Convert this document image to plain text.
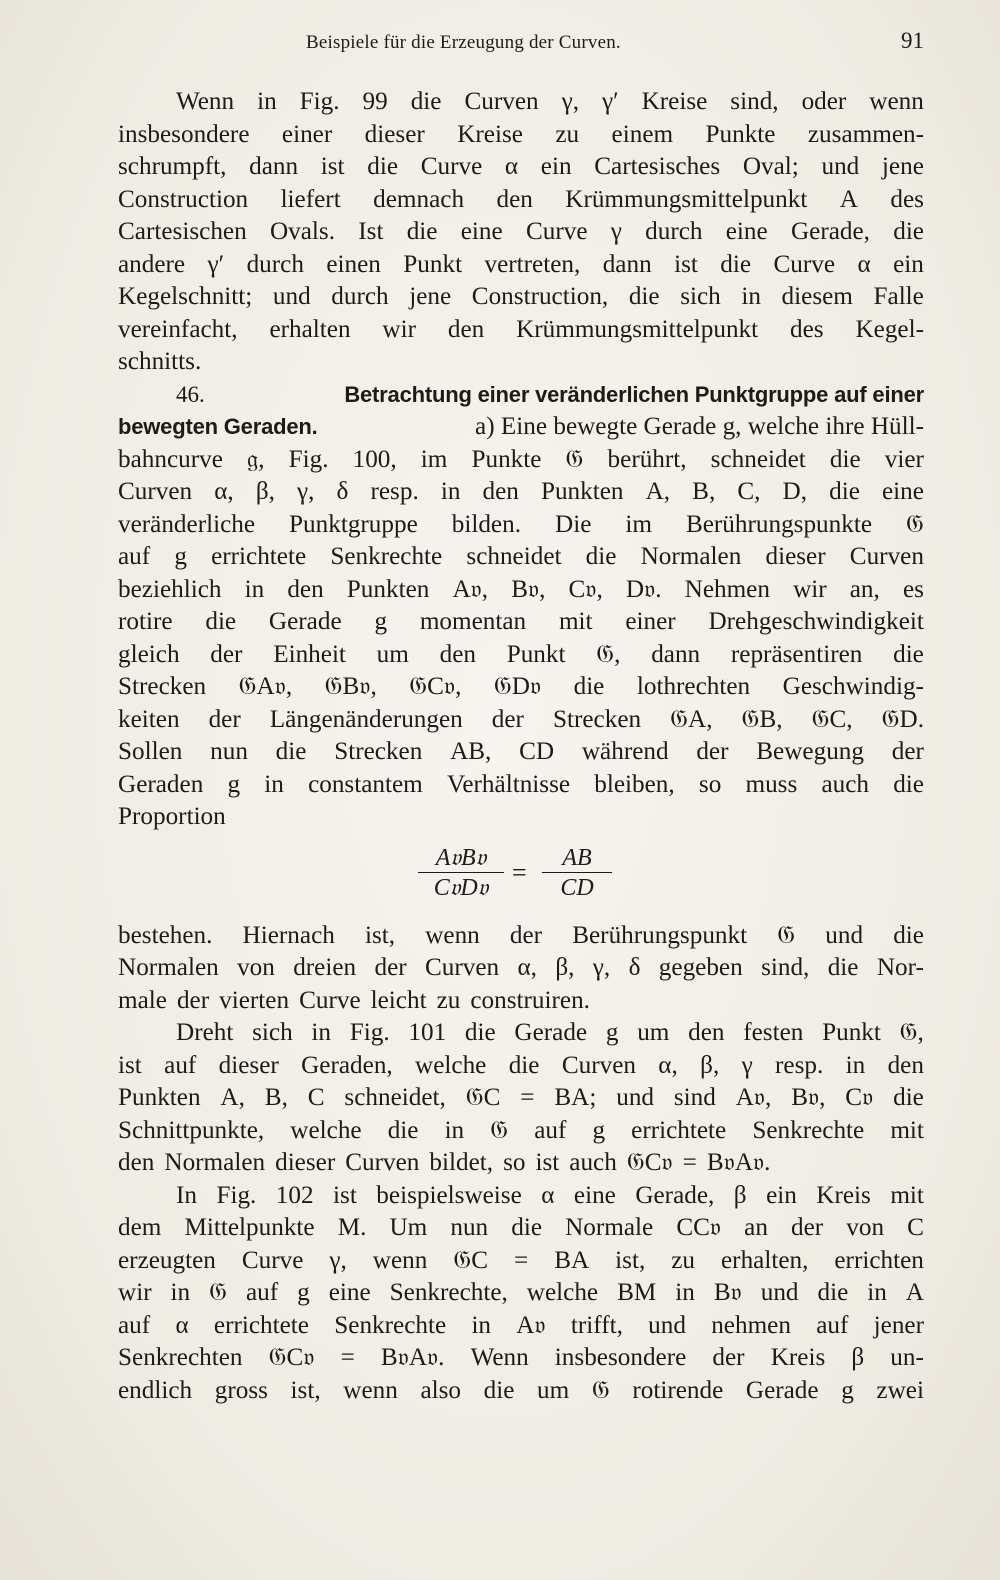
Beispiele für die Erzeugung der Curven.	91
Wenn in Fig. 99 die Curven γ, γ′ Kreise sind, oder wenn
insbesondere einer dieser Kreise zu einem Punkte zusammen-
schrumpft, dann ist die Curve α ein Cartesisches Oval; und jene
Construction liefert demnach den Krümmungsmittelpunkt A des
Cartesischen Ovals. Ist die eine Curve γ durch eine Gerade, die
andere γ′ durch einen Punkt vertreten, dann ist die Curve α ein
Kegelschnitt; und durch jene Construction, die sich in diesem Falle
vereinfacht, erhalten wir den Krümmungsmittelpunkt des Kegel-
schnitts.
46.	Betrachtung einer veränderlichen Punktgruppe auf einer
bewegten Geraden.	a) Eine bewegte Gerade g, welche ihre Hüll-
bahncurve 𝔤, Fig. 100, im Punkte 𝔊 berührt, schneidet die vier
Curven α, β, γ, δ resp. in den Punkten A, B, C, D, die eine
veränderliche Punktgruppe bilden. Die im Berührungspunkte 𝔊
auf g errichtete Senkrechte schneidet die Normalen dieser Curven
beziehlich in den Punkten A𝔳, B𝔳, C𝔳, D𝔳. Nehmen wir an, es
rotire die Gerade g momentan mit einer Drehgeschwindigkeit
gleich der Einheit um den Punkt 𝔊, dann repräsentiren die
Strecken 𝔊A𝔳, 𝔊B𝔳, 𝔊C𝔳, 𝔊D𝔳 die lothrechten Geschwindig-
keiten der Längenänderungen der Strecken 𝔊A, 𝔊B, 𝔊C, 𝔊D.
Sollen nun die Strecken AB, CD während der Bewegung der
Geraden g in constantem Verhältnisse bleiben, so muss auch die
Proportion
A𝔳B𝔳
C𝔳D𝔳
= $\frac{AB}{CD}$
bestehen. Hiernach ist, wenn der Berührungspunkt 𝔊 und die
Normalen von dreien der Curven α, β, γ, δ gegeben sind, die Nor-
male der vierten Curve leicht zu construiren.
Dreht sich in Fig. 101 die Gerade g um den festen Punkt 𝔊,
ist auf dieser Geraden, welche die Curven α, β, γ resp. in den
Punkten A, B, C schneidet, 𝔊C = BA; und sind A𝔳, B𝔳, C𝔳 die
Schnittpunkte, welche die in 𝔊 auf g errichtete Senkrechte mit
den Normalen dieser Curven bildet, so ist auch 𝔊C𝔳 = B𝔳A𝔳.
In Fig. 102 ist beispielsweise α eine Gerade, β ein Kreis mit
dem Mittelpunkte M. Um nun die Normale CC𝔳 an der von C
erzeugten Curve γ, wenn 𝔊C = BA ist, zu erhalten, errichten
wir in 𝔊 auf g eine Senkrechte, welche BM in B𝔳 und die in A
auf α errichtete Senkrechte in A𝔳 trifft, und nehmen auf jener
Senkrechten 𝔊C𝔳 = B𝔳A𝔳. Wenn insbesondere der Kreis β un-
endlich gross ist, wenn also die um 𝔊 rotirende Gerade g zwei
